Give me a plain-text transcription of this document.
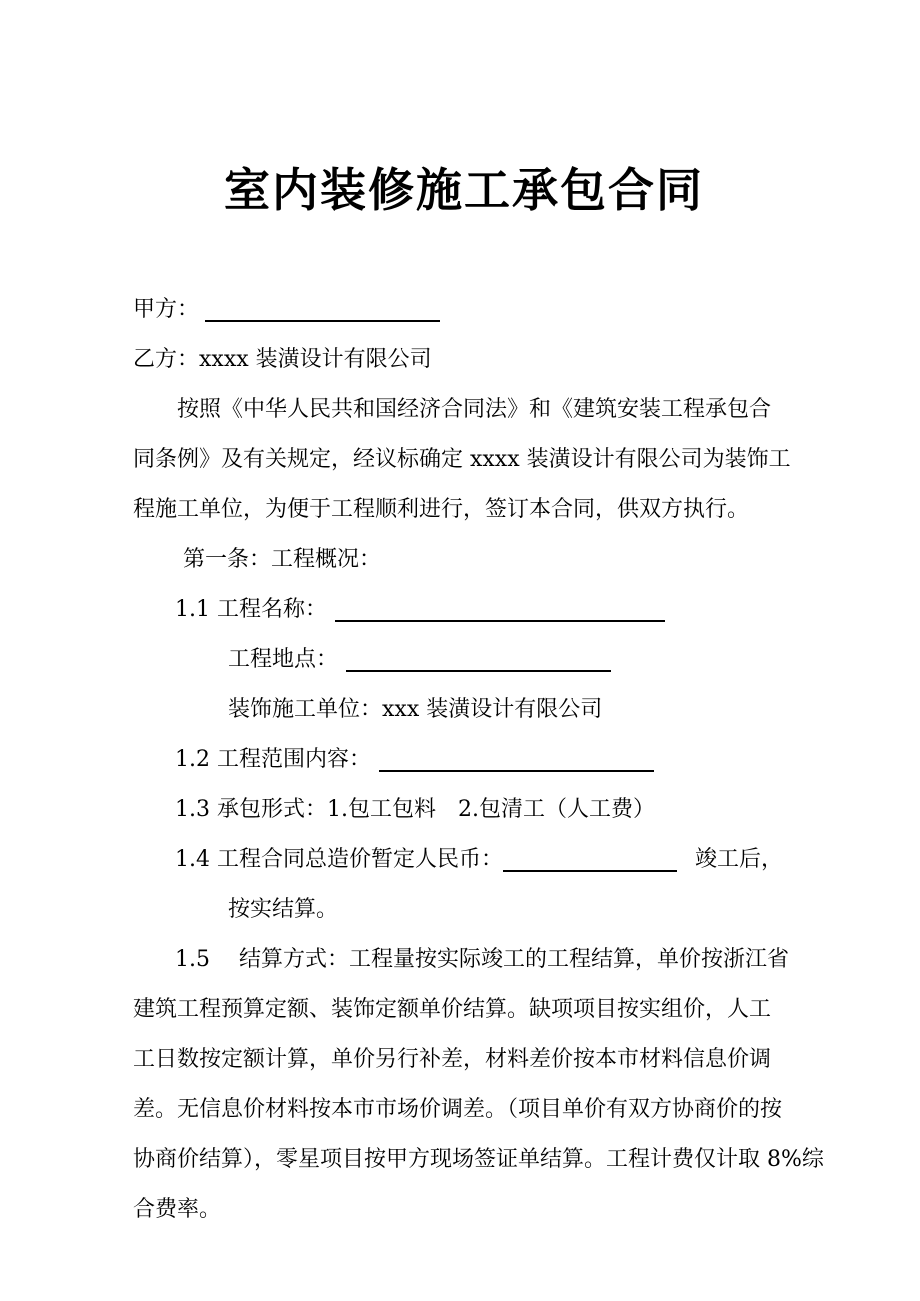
室内装修施工承包合同
甲方：
乙方：xxxx 装潢设计有限公司
按照《中华人民共和国经济合同法》和《建筑安装工程承包合
同条例》及有关规定，经议标确定 xxxx 装潢设计有限公司为装饰工
程施工单位，为便于工程顺利进行，签订本合同，供双方执行。
第一条：工程概况：
1.1 工程名称：
工程地点：
装饰施工单位：xxx 装潢设计有限公司
1.2 工程范围内容：
1.3 承包形式：1.包工包料　2.包清工（人工费）
1.4 工程合同总造价暂定人民币：	竣工后，
按实结算。
1.5　 结算方式：工程量按实际竣工的工程结算，单价按浙江省
建筑工程预算定额、装饰定额单价结算。缺项项目按实组价，人工
工日数按定额计算，单价另行补差，材料差价按本市材料信息价调
差。无信息价材料按本市市场价调差。（项目单价有双方协商价的按
协商价结算），零星项目按甲方现场签证单结算。工程计费仅计取 8%综
合费率。
